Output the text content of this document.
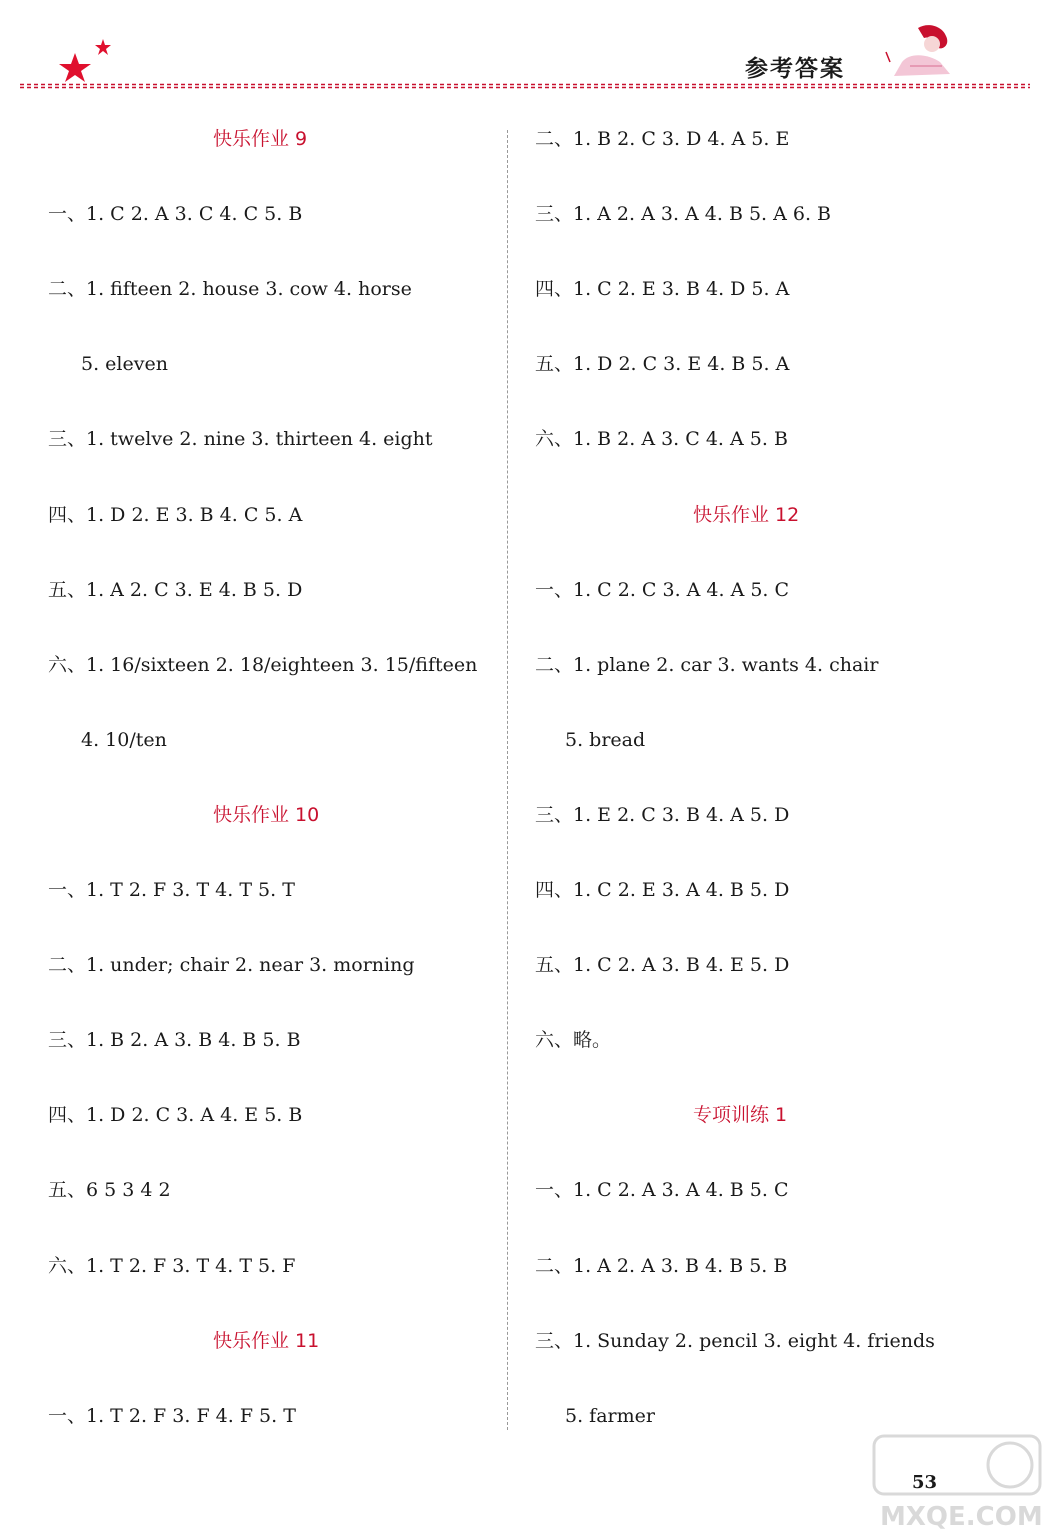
参考答案
快乐作业 9
一、1. C 2. A 3. C 4. C 5. B
二、1. fifteen 2. house 3. cow 4. horse
5. eleven
三、1. twelve 2. nine 3. thirteen 4. eight
四、1. D 2. E 3. B 4. C 5. A
五、1. A 2. C 3. E 4. B 5. D
六、1. 16/sixteen 2. 18/eighteen 3. 15/fifteen
4. 10/ten
快乐作业 10
一、1. T 2. F 3. T 4. T 5. T
二、1. under; chair 2. near 3. morning
三、1. B 2. A 3. B 4. B 5. B
四、1. D 2. C 3. A 4. E 5. B
五、6 5 3 4 2
六、1. T 2. F 3. T 4. T 5. F
快乐作业 11
一、1. T 2. F 3. F 4. F 5. T
二、1. B 2. C 3. D 4. A 5. E
三、1. A 2. A 3. A 4. B 5. A 6. B
四、1. C 2. E 3. B 4. D 5. A
五、1. D 2. C 3. E 4. B 5. A
六、1. B 2. A 3. C 4. A 5. B
快乐作业 12
一、1. C 2. C 3. A 4. A 5. C
二、1. plane 2. car 3. wants 4. chair
5. bread
三、1. E 2. C 3. B 4. A 5. D
四、1. C 2. E 3. A 4. B 5. D
五、1. C 2. A 3. B 4. E 5. D
六、略。
专项训练 1
一、1. C 2. A 3. A 4. B 5. C
二、1. A 2. A 3. B 4. B 5. B
三、1. Sunday 2. pencil 3. eight 4. friends
5. farmer
53
MXQE.COM
